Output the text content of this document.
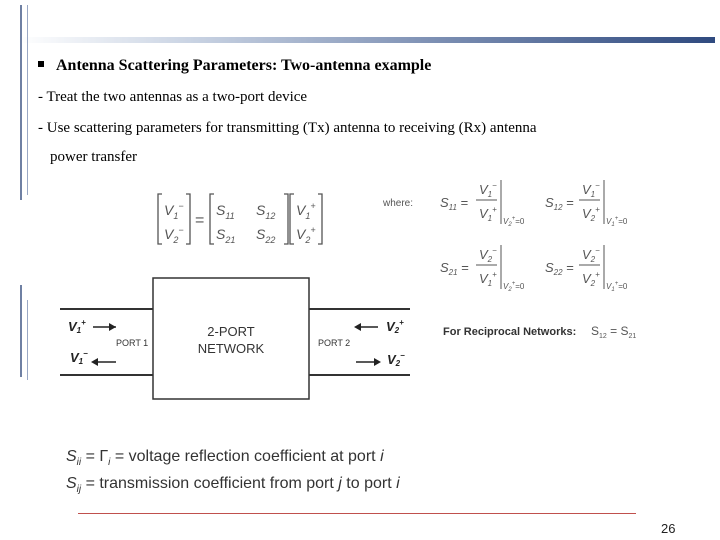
Antenna Scattering Parameters: Two-antenna example
- Treat the two antennas as a two-port device
- Use scattering parameters for transmitting (Tx) antenna to receiving (Rx) antenna
power transfer
$V_1^-$
$V_2^-$
=
$S_{11}$ $S_{12}$
$S_{21}$ $S_{22}$
$V_1^+$
$V_2^+$
where: $S_{11}$ =
$V_1^-$
$V_1^+$
$V_2^+=0$
$S_{12}$ =
$V_1^-$
$V_2^+$
$V_1^+=0$
$S_{21}$ =
$V_2^-$
$V_1^+$
$V_2^+=0$
$S_{22}$ =
$V_2^-$
$V_2^+$
$V_1^+=0$
2-PORT
NETWORK
PORT 1	PORT 2
V1+
V1−
V2+
V2−
For Reciprocal Networks: $S_{12} = S_{21}$
$S_{ii} = \Gamma_i$ = voltage reflection coefficient at port i
$S_{ij}$ = transmission coefficient from port j to port i
26
